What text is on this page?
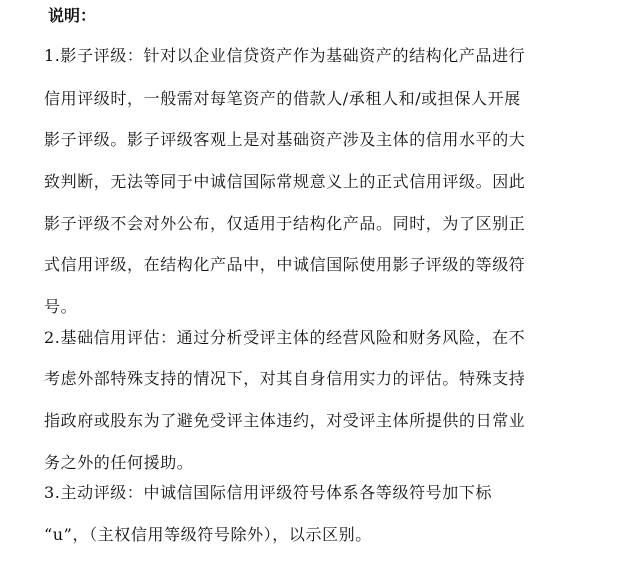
说明：
1.影子评级：针对以企业信贷资产作为基础资产的结构化产品进行
信用评级时，一般需对每笔资产的借款人/承租人和/或担保人开展
影子评级。影子评级客观上是对基础资产涉及主体的信用水平的大
致判断，无法等同于中诚信国际常规意义上的正式信用评级。因此
影子评级不会对外公布，仅适用于结构化产品。同时，为了区别正
式信用评级，在结构化产品中，中诚信国际使用影子评级的等级符
号。
2.基础信用评估：通过分析受评主体的经营风险和财务风险，在不
考虑外部特殊支持的情况下，对其自身信用实力的评估。特殊支持
指政府或股东为了避免受评主体违约，对受评主体所提供的日常业
务之外的任何援助。
3.主动评级：中诚信国际信用评级符号体系各等级符号加下标
“u”，（主权信用等级符号除外），以示区别。
